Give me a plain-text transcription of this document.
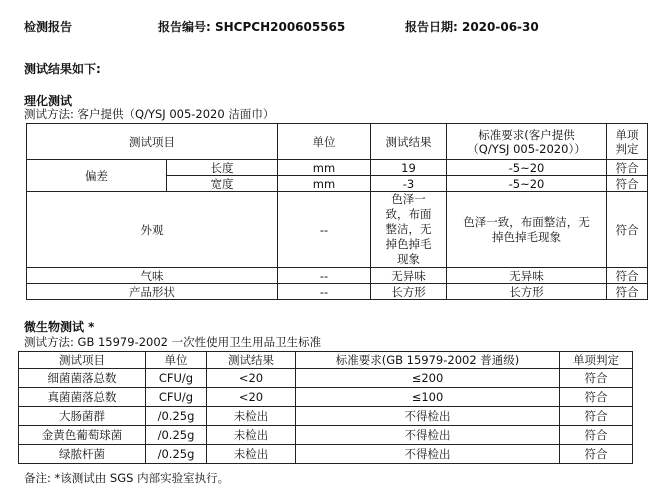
检测报告	报告编号: SHCPCH200605565	报告日期: 2020-06-30
测试结果如下:
理化测试
测试方法: 客户提供（Q/YSJ 005-2020 洁面巾）
测试项目		单位	测试结果	标准要求(客户提供（Q/YSJ 005-2020））	单项判定
偏差	长度	mm	19	-5~20	符合
	宽度	mm	-3	-5~20	符合
外观		--	色泽一致，布面整洁，无掉色掉毛现象	色泽一致，布面整洁，无掉色掉毛现象	符合
气味		--	无异味	无异味	符合
产品形状		--	长方形	长方形	符合
微生物测试 *
测试方法: GB 15979-2002 一次性使用卫生用品卫生标准
测试项目	单位	测试结果	标准要求(GB 15979-2002 普通级)	单项判定
细菌菌落总数	CFU/g	<20	≤200	符合
真菌菌落总数	CFU/g	<20	≤100	符合
大肠菌群	/0.25g	未检出	不得检出	符合
金黄色葡萄球菌	/0.25g	未检出	不得检出	符合
绿脓杆菌	/0.25g	未检出	不得检出	符合
备注: *该测试由 SGS 内部实验室执行。
